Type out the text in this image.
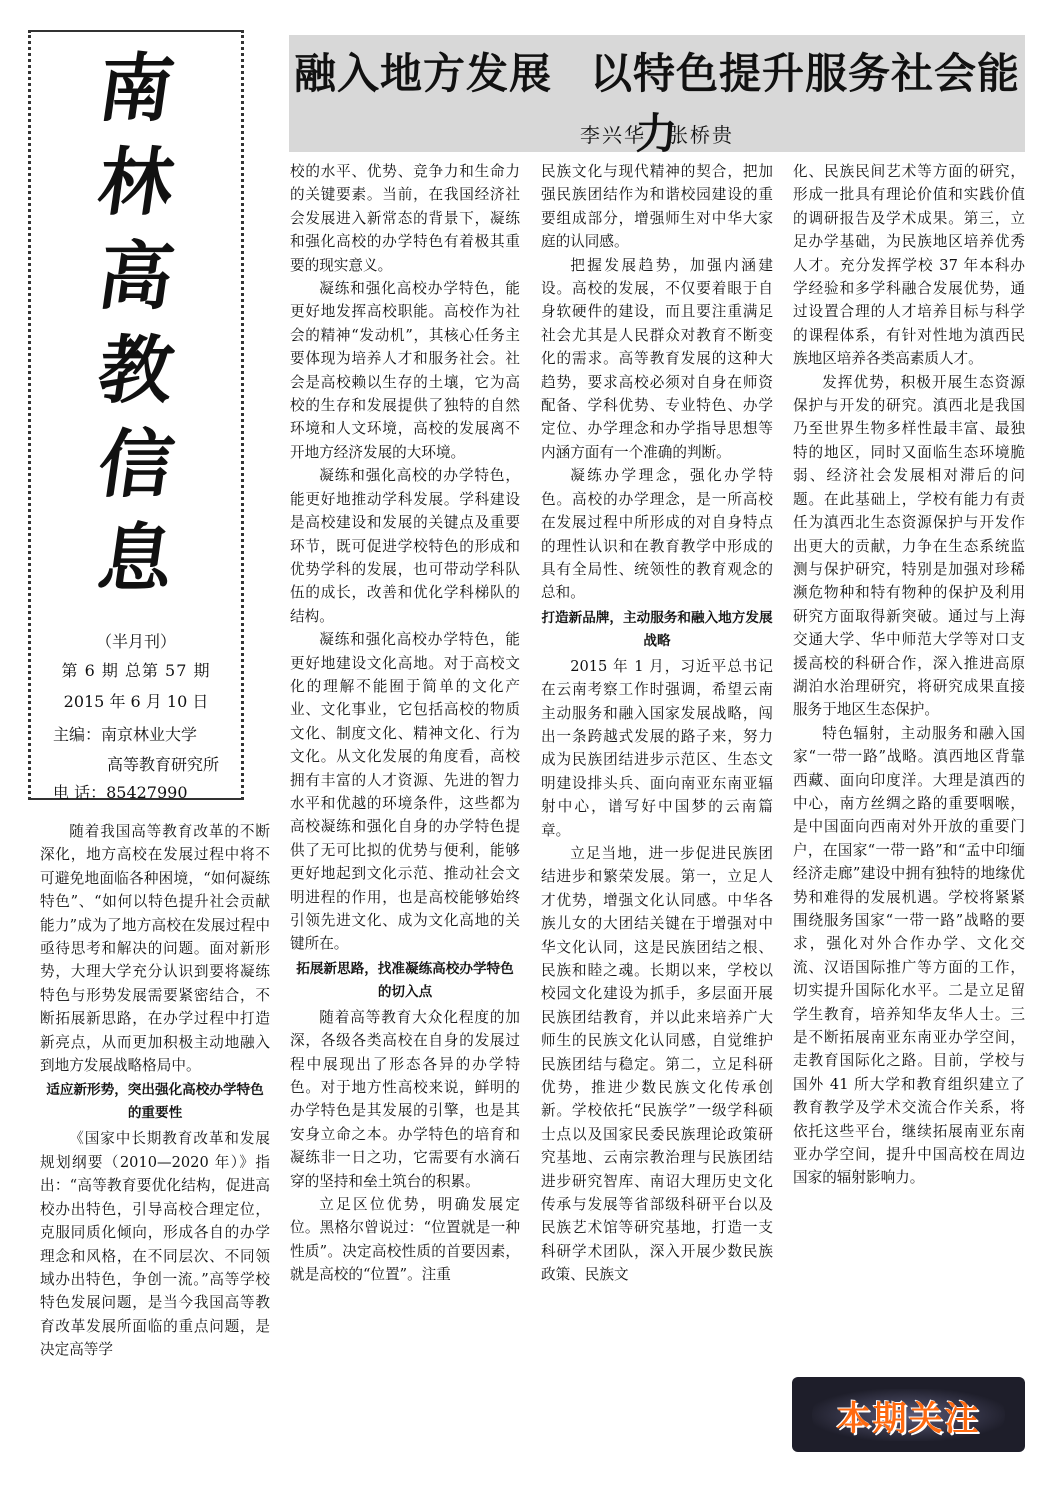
南
林
高
教
信
息
（半月刊）
第 6 期 总第 57 期
2015 年 6 月 10 日
主编：南京林业大学
高等教育研究所
电 话：85427990
融入地方发展 以特色提升服务社会能力
李兴华 张桥贵

随着我国高等教育改革的不断深化，地方高校在发展过程中将不可避免地面临各种困境，“如何凝练特色”、“如何以特色提升社会贡献能力”成为了地方高校在发展过程中亟待思考和解决的问题。面对新形势，大理大学充分认识到要将凝练特色与形势发展需要紧密结合，不断拓展新思路，在办学过程中打造新亮点，从而更加积极主动地融入到地方发展战略格局中。

适应新形势，突出强化高校办学特色的重要性

《国家中长期教育改革和发展规划纲要（2010—2020 年）》指出：“高等教育要优化结构，促进高校办出特色，引导高校合理定位，克服同质化倾向，形成各自的办学理念和风格，在不同层次、不同领域办出特色，争创一流。”高等学校特色发展问题，是当今我国高等教育改革发展所面临的重点问题，是决定高等学

校的水平、优势、竞争力和生命力的关键要素。当前，在我国经济社会发展进入新常态的背景下，凝练和强化高校的办学特色有着极其重要的现实意义。

凝练和强化高校办学特色，能更好地发挥高校职能。高校作为社会的精神“发动机”，其核心任务主要体现为培养人才和服务社会。社会是高校赖以生存的土壤，它为高校的生存和发展提供了独特的自然环境和人文环境，高校的发展离不开地方经济发展的大环境。

凝练和强化高校的办学特色，能更好地推动学科发展。学科建设是高校建设和发展的关键点及重要环节，既可促进学校特色的形成和优势学科的发展，也可带动学科队伍的成长，改善和优化学科梯队的结构。

凝练和强化高校办学特色，能更好地建设文化高地。对于高校文化的理解不能囿于简单的文化产业、文化事业，它包括高校的物质文化、制度文化、精神文化、行为文化。从文化发展的角度看，高校拥有丰富的人才资源、先进的智力水平和优越的环境条件，这些都为高校凝练和强化自身的办学特色提供了无可比拟的优势与便利，能够更好地起到文化示范、推动社会文明进程的作用，也是高校能够始终引领先进文化、成为文化高地的关键所在。

拓展新思路，找准凝练高校办学特色的切入点

随着高等教育大众化程度的加深，各级各类高校在自身的发展过程中展现出了形态各异的办学特色。对于地方性高校来说，鲜明的办学特色是其发展的引擎，也是其安身立命之本。办学特色的培育和凝练非一日之功，它需要有水滴石穿的坚持和垒土筑台的积累。

立足区位优势，明确发展定位。黑格尔曾说过：“位置就是一种性质”。决定高校性质的首要因素，就是高校的“位置”。注重

民族文化与现代精神的契合，把加强民族团结作为和谐校园建设的重要组成部分，增强师生对中华大家庭的认同感。

把握发展趋势，加强内涵建设。高校的发展，不仅要着眼于自身软硬件的建设，而且要注重满足社会尤其是人民群众对教育不断变化的需求。高等教育发展的这种大趋势，要求高校必须对自身在师资配备、学科优势、专业特色、办学定位、办学理念和办学指导思想等内涵方面有一个准确的判断。

凝练办学理念，强化办学特色。高校的办学理念，是一所高校在发展过程中所形成的对自身特点的理性认识和在教育教学中形成的具有全局性、统领性的教育观念的总和。

打造新品牌，主动服务和融入地方发展战略

2015 年 1 月，习近平总书记在云南考察工作时强调，希望云南主动服务和融入国家发展战略，闯出一条跨越式发展的路子来，努力成为民族团结进步示范区、生态文明建设排头兵、面向南亚东南亚辐射中心，谱写好中国梦的云南篇章。

立足当地，进一步促进民族团结进步和繁荣发展。第一，立足人才优势，增强文化认同感。中华各族儿女的大团结关键在于增强对中华文化认同，这是民族团结之根、民族和睦之魂。长期以来，学校以校园文化建设为抓手，多层面开展民族团结教育，并以此来培养广大师生的民族文化认同感，自觉维护民族团结与稳定。第二，立足科研优势，推进少数民族文化传承创新。学校依托“民族学”一级学科硕士点以及国家民委民族理论政策研究基地、云南宗教治理与民族团结进步研究智库、南诏大理历史文化传承与发展等省部级科研平台以及民族艺术馆等研究基地，打造一支科研学术团队，深入开展少数民族政策、民族文

化、民族民间艺术等方面的研究，形成一批具有理论价值和实践价值的调研报告及学术成果。第三，立足办学基础，为民族地区培养优秀人才。充分发挥学校 37 年本科办学经验和多学科融合发展优势，通过设置合理的人才培养目标与科学的课程体系，有针对性地为滇西民族地区培养各类高素质人才。

发挥优势，积极开展生态资源保护与开发的研究。滇西北是我国乃至世界生物多样性最丰富、最独特的地区，同时又面临生态环境脆弱、经济社会发展相对滞后的问题。在此基础上，学校有能力有责任为滇西北生态资源保护与开发作出更大的贡献，力争在生态系统监测与保护研究，特别是加强对珍稀濒危物种和特有物种的保护及利用研究方面取得新突破。通过与上海交通大学、华中师范大学等对口支援高校的科研合作，深入推进高原湖泊水治理研究，将研究成果直接服务于地区生态保护。

特色辐射，主动服务和融入国家“一带一路”战略。滇西地区背靠西藏、面向印度洋。大理是滇西的中心，南方丝绸之路的重要咽喉，是中国面向西南对外开放的重要门户，在国家“一带一路”和“孟中印缅经济走廊”建设中拥有独特的地缘优势和难得的发展机遇。学校将紧紧围绕服务国家“一带一路”战略的要求，强化对外合作办学、文化交流、汉语国际推广等方面的工作，切实提升国际化水平。二是立足留学生教育，培养知华友华人士。三是不断拓展南亚东南亚办学空间，走教育国际化之路。目前，学校与国外 41 所大学和教育组织建立了教育教学及学术交流合作关系，将依托这些平台，继续拓展南亚东南亚办学空间，提升中国高校在周边国家的辐射影响力。

本期关注
